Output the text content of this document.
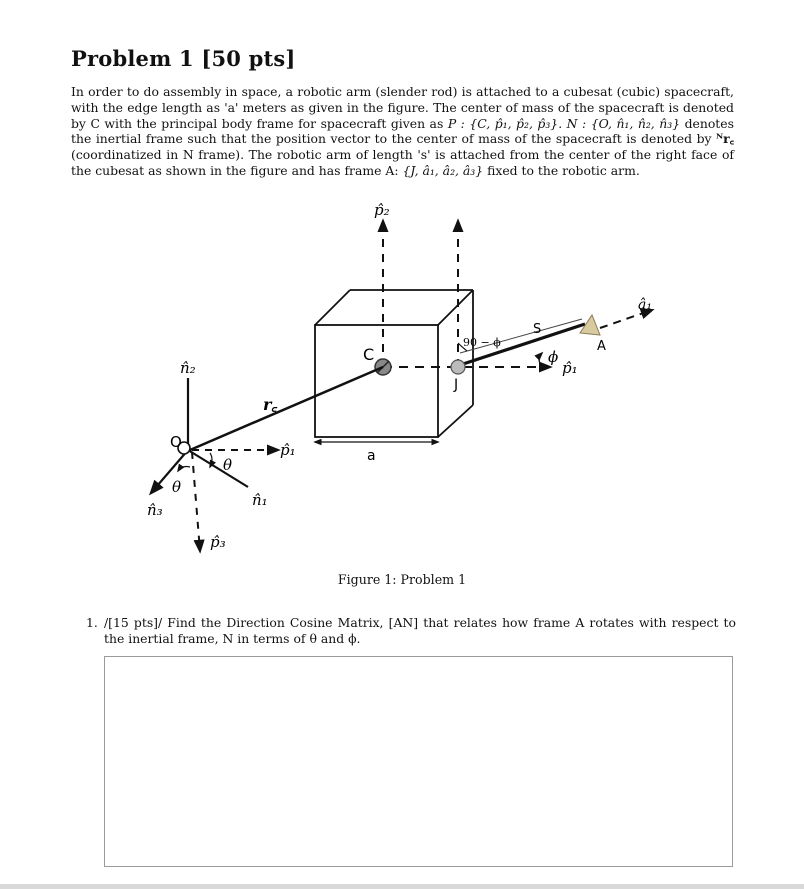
Problem 1 [50 pts]

In order to do assembly in space, a robotic arm (slender rod) is attached to a cubesat (cubic) spacecraft, with the edge length as 'a' meters as given in the figure. The center of mass of the spacecraft is denoted by C with the principal body frame for spacecraft given as P : {C, p̂₁, p̂₂, p̂₃}. N : {O, n̂₁, n̂₂, n̂₃} denotes the inertial frame such that the position vector to the center of mass of the spacecraft is denoted by ᴺr꜀ (coordinatized in N frame). The robotic arm of length 's' is attached from the center of the right face of the cubesat as shown in the figure and has frame A: {J, â₁, â₂, â₃} fixed to the robotic arm.

p̂₂
n̂₂
r꜀
C
J
O	p̂₁
p̂₁
θ
θ
n̂₃
n̂₁
p̂₃
a
S
A
â₁
ϕ
90 − ϕ
Figure 1: Problem 1
1. /[15 pts]/ Find the Direction Cosine Matrix, [AN] that relates how frame A rotates with respect to the inertial frame, N in terms of θ and ϕ.
